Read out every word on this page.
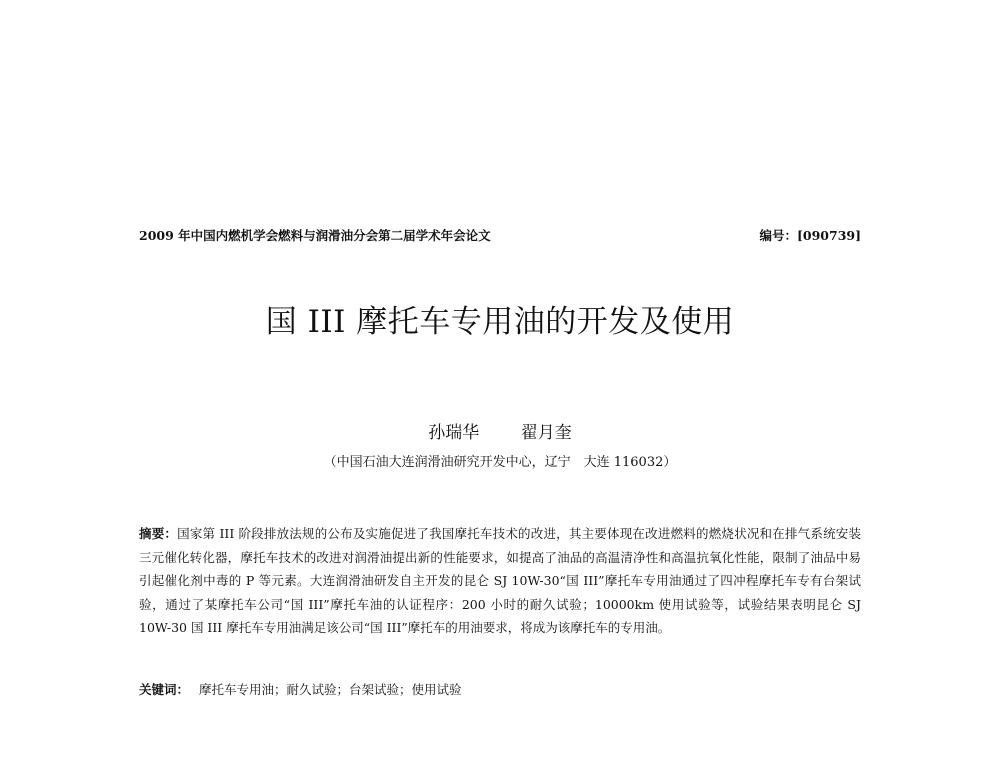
2009 年中国内燃机学会燃料与润滑油分会第二届学术年会论文	编号：[090739]
国 III 摩托车专用油的开发及使用
孙瑞华 翟月奎
（中国石油大连润滑油研究开发中心，辽宁　大连 116032）
摘要：国家第 III 阶段排放法规的公布及实施促进了我国摩托车技术的改进，其主要体现在改进燃料的燃烧状况和在排气系统安装三元催化转化器，摩托车技术的改进对润滑油提出新的性能要求，如提高了油品的高温清净性和高温抗氧化性能，限制了油品中易引起催化剂中毒的 P 等元素。大连润滑油研发自主开发的昆仑 SJ 10W-30“国 III”摩托车专用油通过了四冲程摩托车专有台架试验，通过了某摩托车公司“国 III”摩托车油的认证程序：200 小时的耐久试验；10000km 使用试验等，试验结果表明昆仑 SJ 10W-30 国 III 摩托车专用油满足该公司“国 III”摩托车的用油要求，将成为该摩托车的专用油。
关键词： 摩托车专用油；耐久试验；台架试验；使用试验
